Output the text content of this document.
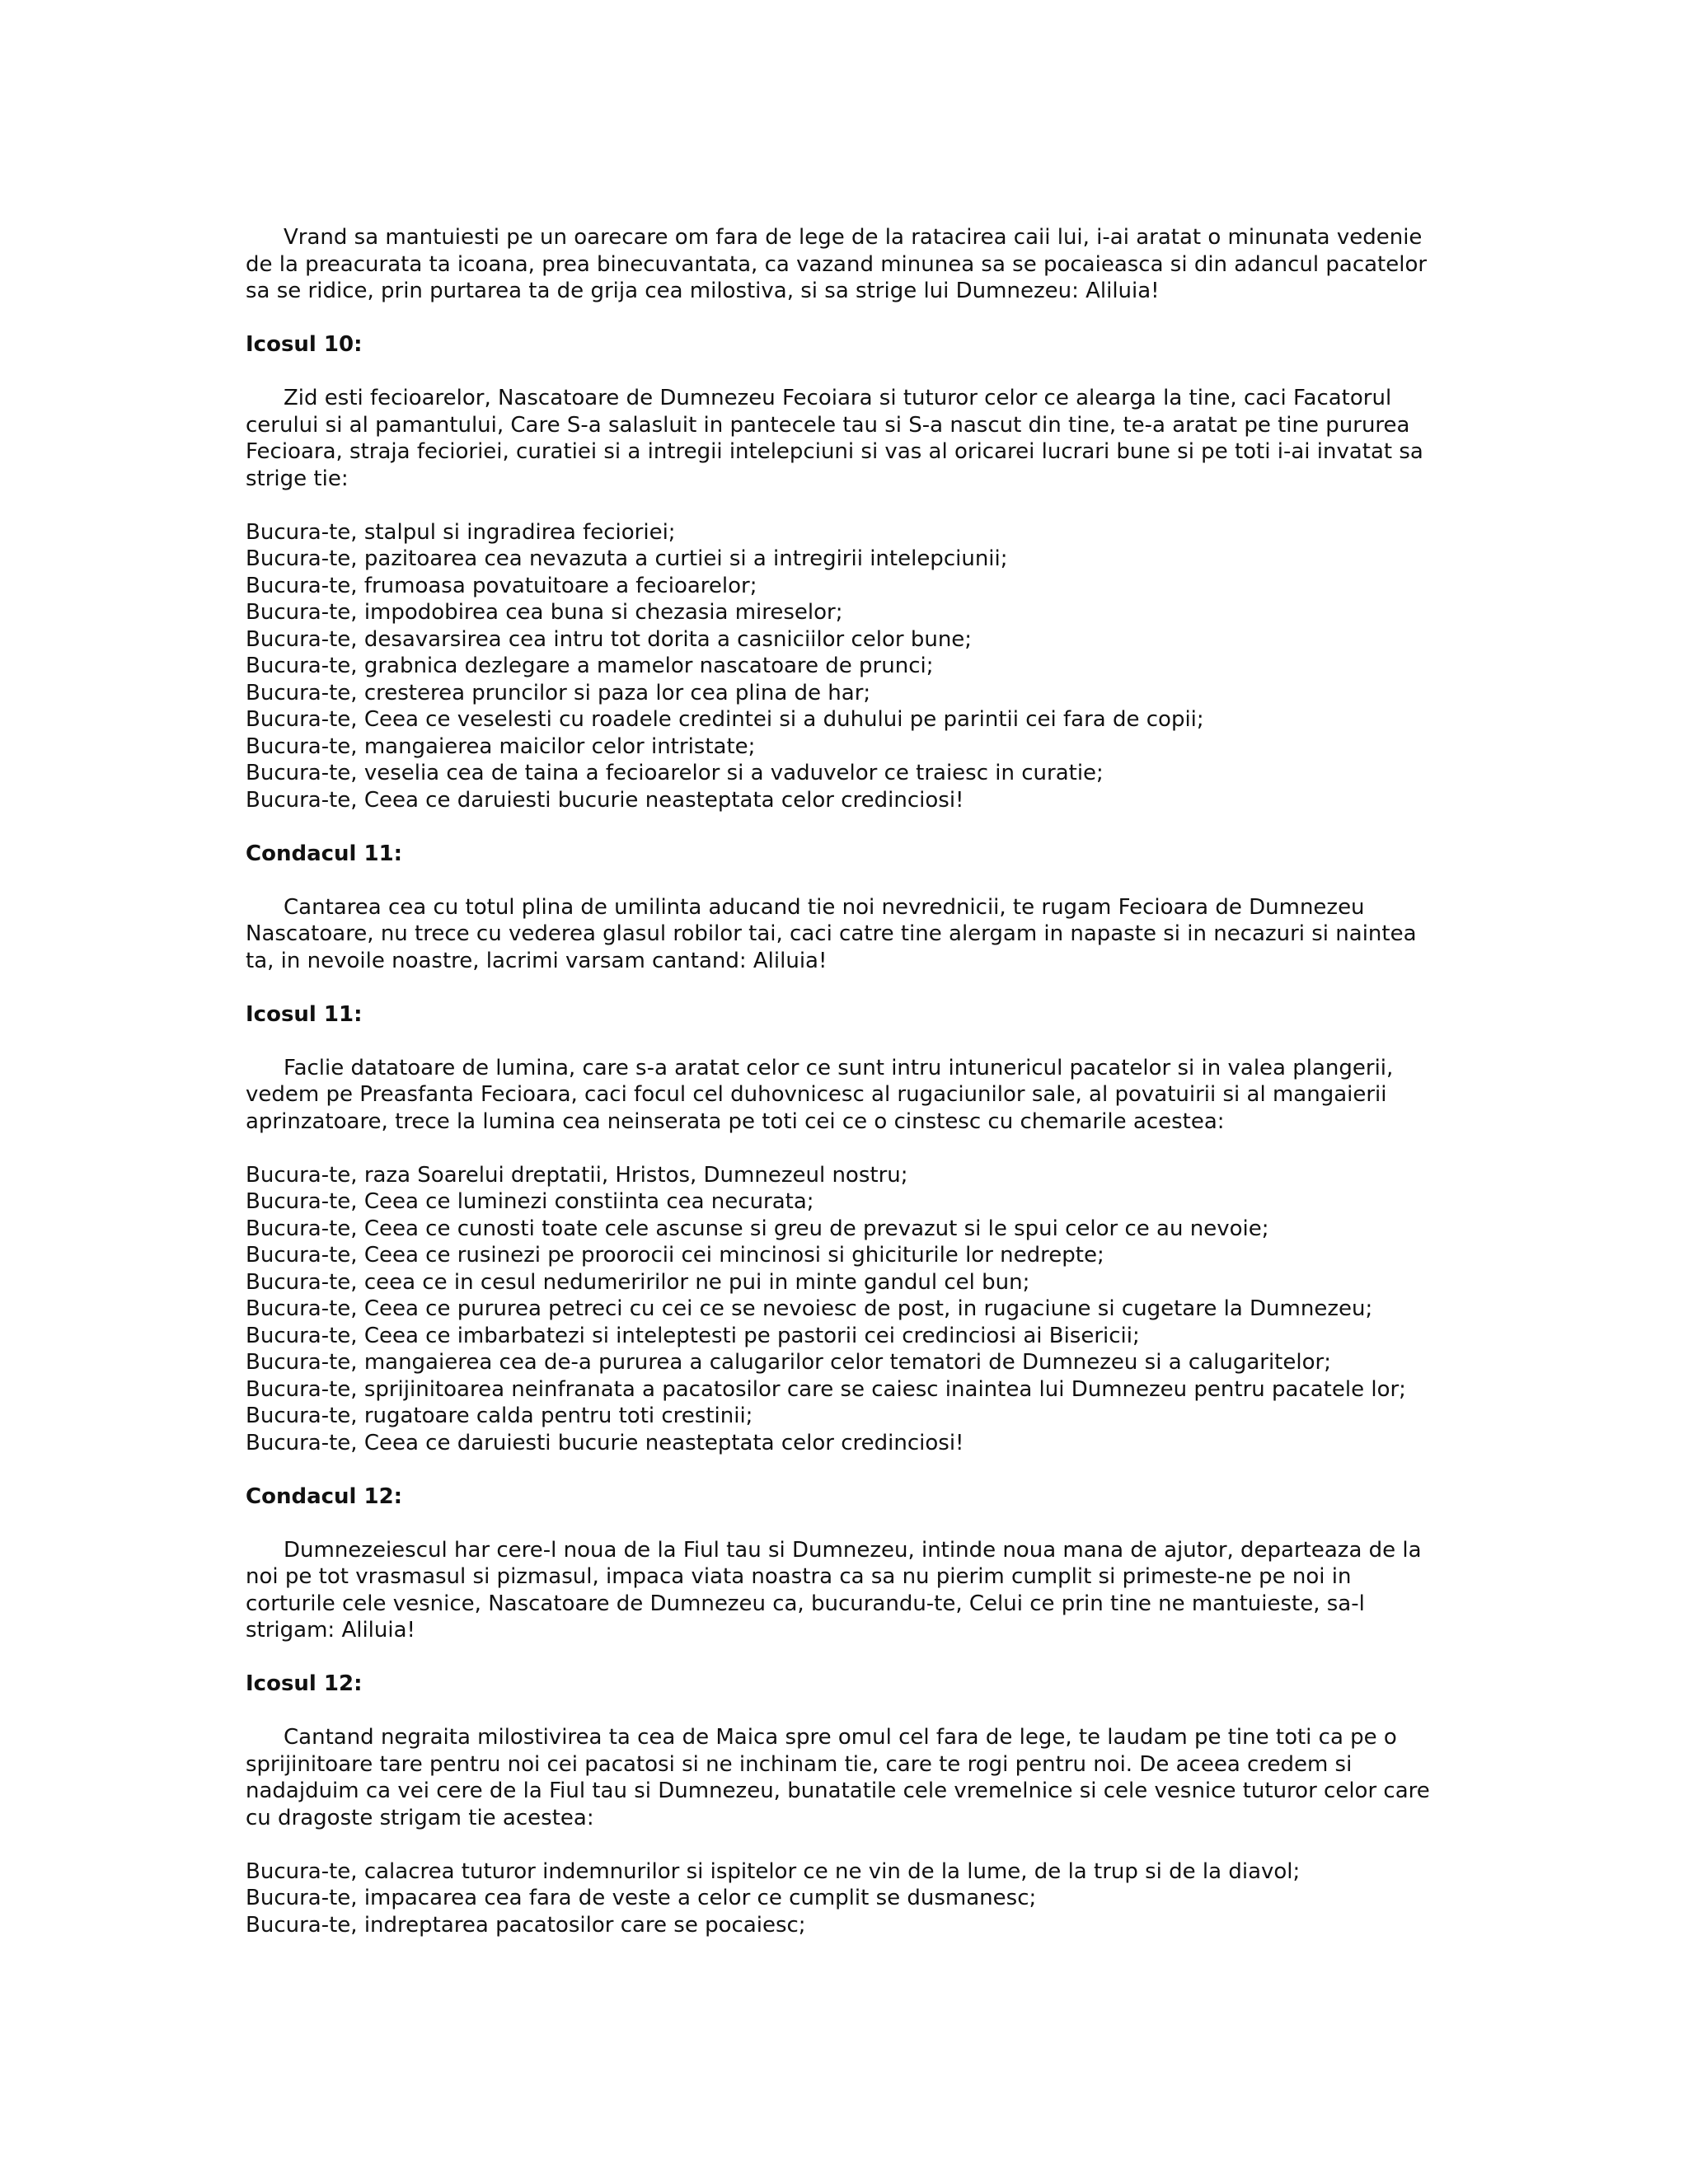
Vrand sa mantuiesti pe un oarecare om fara de lege de la ratacirea caii lui, i-ai aratat o minunata vedenie de la preacurata ta icoana, prea binecuvantata, ca vazand minunea sa se pocaieasca si din adancul pacatelor sa se ridice, prin purtarea ta de grija cea milostiva, si sa strige lui Dumnezeu: Aliluia!

Icosul 10:

Zid esti fecioarelor, Nascatoare de Dumnezeu Fecoiara si tuturor celor ce alearga la tine, caci Facatorul cerului si al pamantului, Care S-a salasluit in pantecele tau si S-a nascut din tine, te-a aratat pe tine pururea Fecioara, straja fecioriei, curatiei si a intregii intelepciuni si vas al oricarei lucrari bune si pe toti i-ai invatat sa strige tie:

Bucura-te, stalpul si ingradirea fecioriei;

Bucura-te, pazitoarea cea nevazuta a curtiei si a intregirii intelepciunii;

Bucura-te, frumoasa povatuitoare a fecioarelor;

Bucura-te, impodobirea cea buna si chezasia mireselor;

Bucura-te, desavarsirea cea intru tot dorita a casniciilor celor bune;

Bucura-te, grabnica dezlegare a mamelor nascatoare de prunci;

Bucura-te, cresterea pruncilor si paza lor cea plina de har;

Bucura-te, Ceea ce veselesti cu roadele credintei si a duhului pe parintii cei fara de copii;

Bucura-te, mangaierea maicilor celor intristate;

Bucura-te, veselia cea de taina a fecioarelor si a vaduvelor ce traiesc in curatie;

Bucura-te, Ceea ce daruiesti bucurie neasteptata celor credinciosi!

Condacul 11:

Cantarea cea cu totul plina de umilinta aducand tie noi nevrednicii, te rugam Fecioara de Dumnezeu Nascatoare, nu trece cu vederea glasul robilor tai, caci catre tine alergam in napaste si in necazuri si naintea ta, in nevoile noastre, lacrimi varsam cantand: Aliluia!

Icosul 11:

Faclie datatoare de lumina, care s-a aratat celor ce sunt intru intunericul pacatelor si in valea plangerii, vedem pe Preasfanta Fecioara, caci focul cel duhovnicesc al rugaciunilor sale, al povatuirii si al mangaierii aprinzatoare, trece la lumina cea neinserata pe toti cei ce o cinstesc cu chemarile acestea:

Bucura-te, raza Soarelui dreptatii, Hristos, Dumnezeul nostru;

Bucura-te, Ceea ce luminezi constiinta cea necurata;

Bucura-te, Ceea ce cunosti toate cele ascunse si greu de prevazut si le spui celor ce au nevoie;

Bucura-te, Ceea ce rusinezi pe proorocii cei mincinosi si ghiciturile lor nedrepte;

Bucura-te, ceea ce in cesul nedumeririlor ne pui in minte gandul cel bun;

Bucura-te, Ceea ce pururea petreci cu cei ce se nevoiesc de post, in rugaciune si cugetare la Dumnezeu;

Bucura-te, Ceea ce imbarbatezi si inteleptesti pe pastorii cei credinciosi ai Bisericii;

Bucura-te, mangaierea cea de-a pururea a calugarilor celor tematori de Dumnezeu si a calugaritelor;

Bucura-te, sprijinitoarea neinfranata a pacatosilor care se caiesc inaintea lui Dumnezeu pentru pacatele lor;

Bucura-te, rugatoare calda pentru toti crestinii;

Bucura-te, Ceea ce daruiesti bucurie neasteptata celor credinciosi!

Condacul 12:

Dumnezeiescul har cere-l noua de la Fiul tau si Dumnezeu, intinde noua mana de ajutor, departeaza de la noi pe tot vrasmasul si pizmasul, impaca viata noastra ca sa nu pierim cumplit si primeste-ne pe noi in corturile cele vesnice, Nascatoare de Dumnezeu ca, bucurandu-te, Celui ce prin tine ne mantuieste, sa-l strigam: Aliluia!

Icosul 12:

Cantand negraita milostivirea ta cea de Maica spre omul cel fara de lege, te laudam pe tine toti ca pe o sprijinitoare tare pentru noi cei pacatosi si ne inchinam tie, care te rogi pentru noi. De aceea credem si nadajduim ca vei cere de la Fiul tau si Dumnezeu, bunatatile cele vremelnice si cele vesnice tuturor celor care cu dragoste strigam tie acestea:

Bucura-te, calacrea tuturor indemnurilor si ispitelor ce ne vin de la lume, de la trup si de la diavol;

Bucura-te, impacarea cea fara de veste a celor ce cumplit se dusmanesc;

Bucura-te, indreptarea pacatosilor care se pocaiesc;
